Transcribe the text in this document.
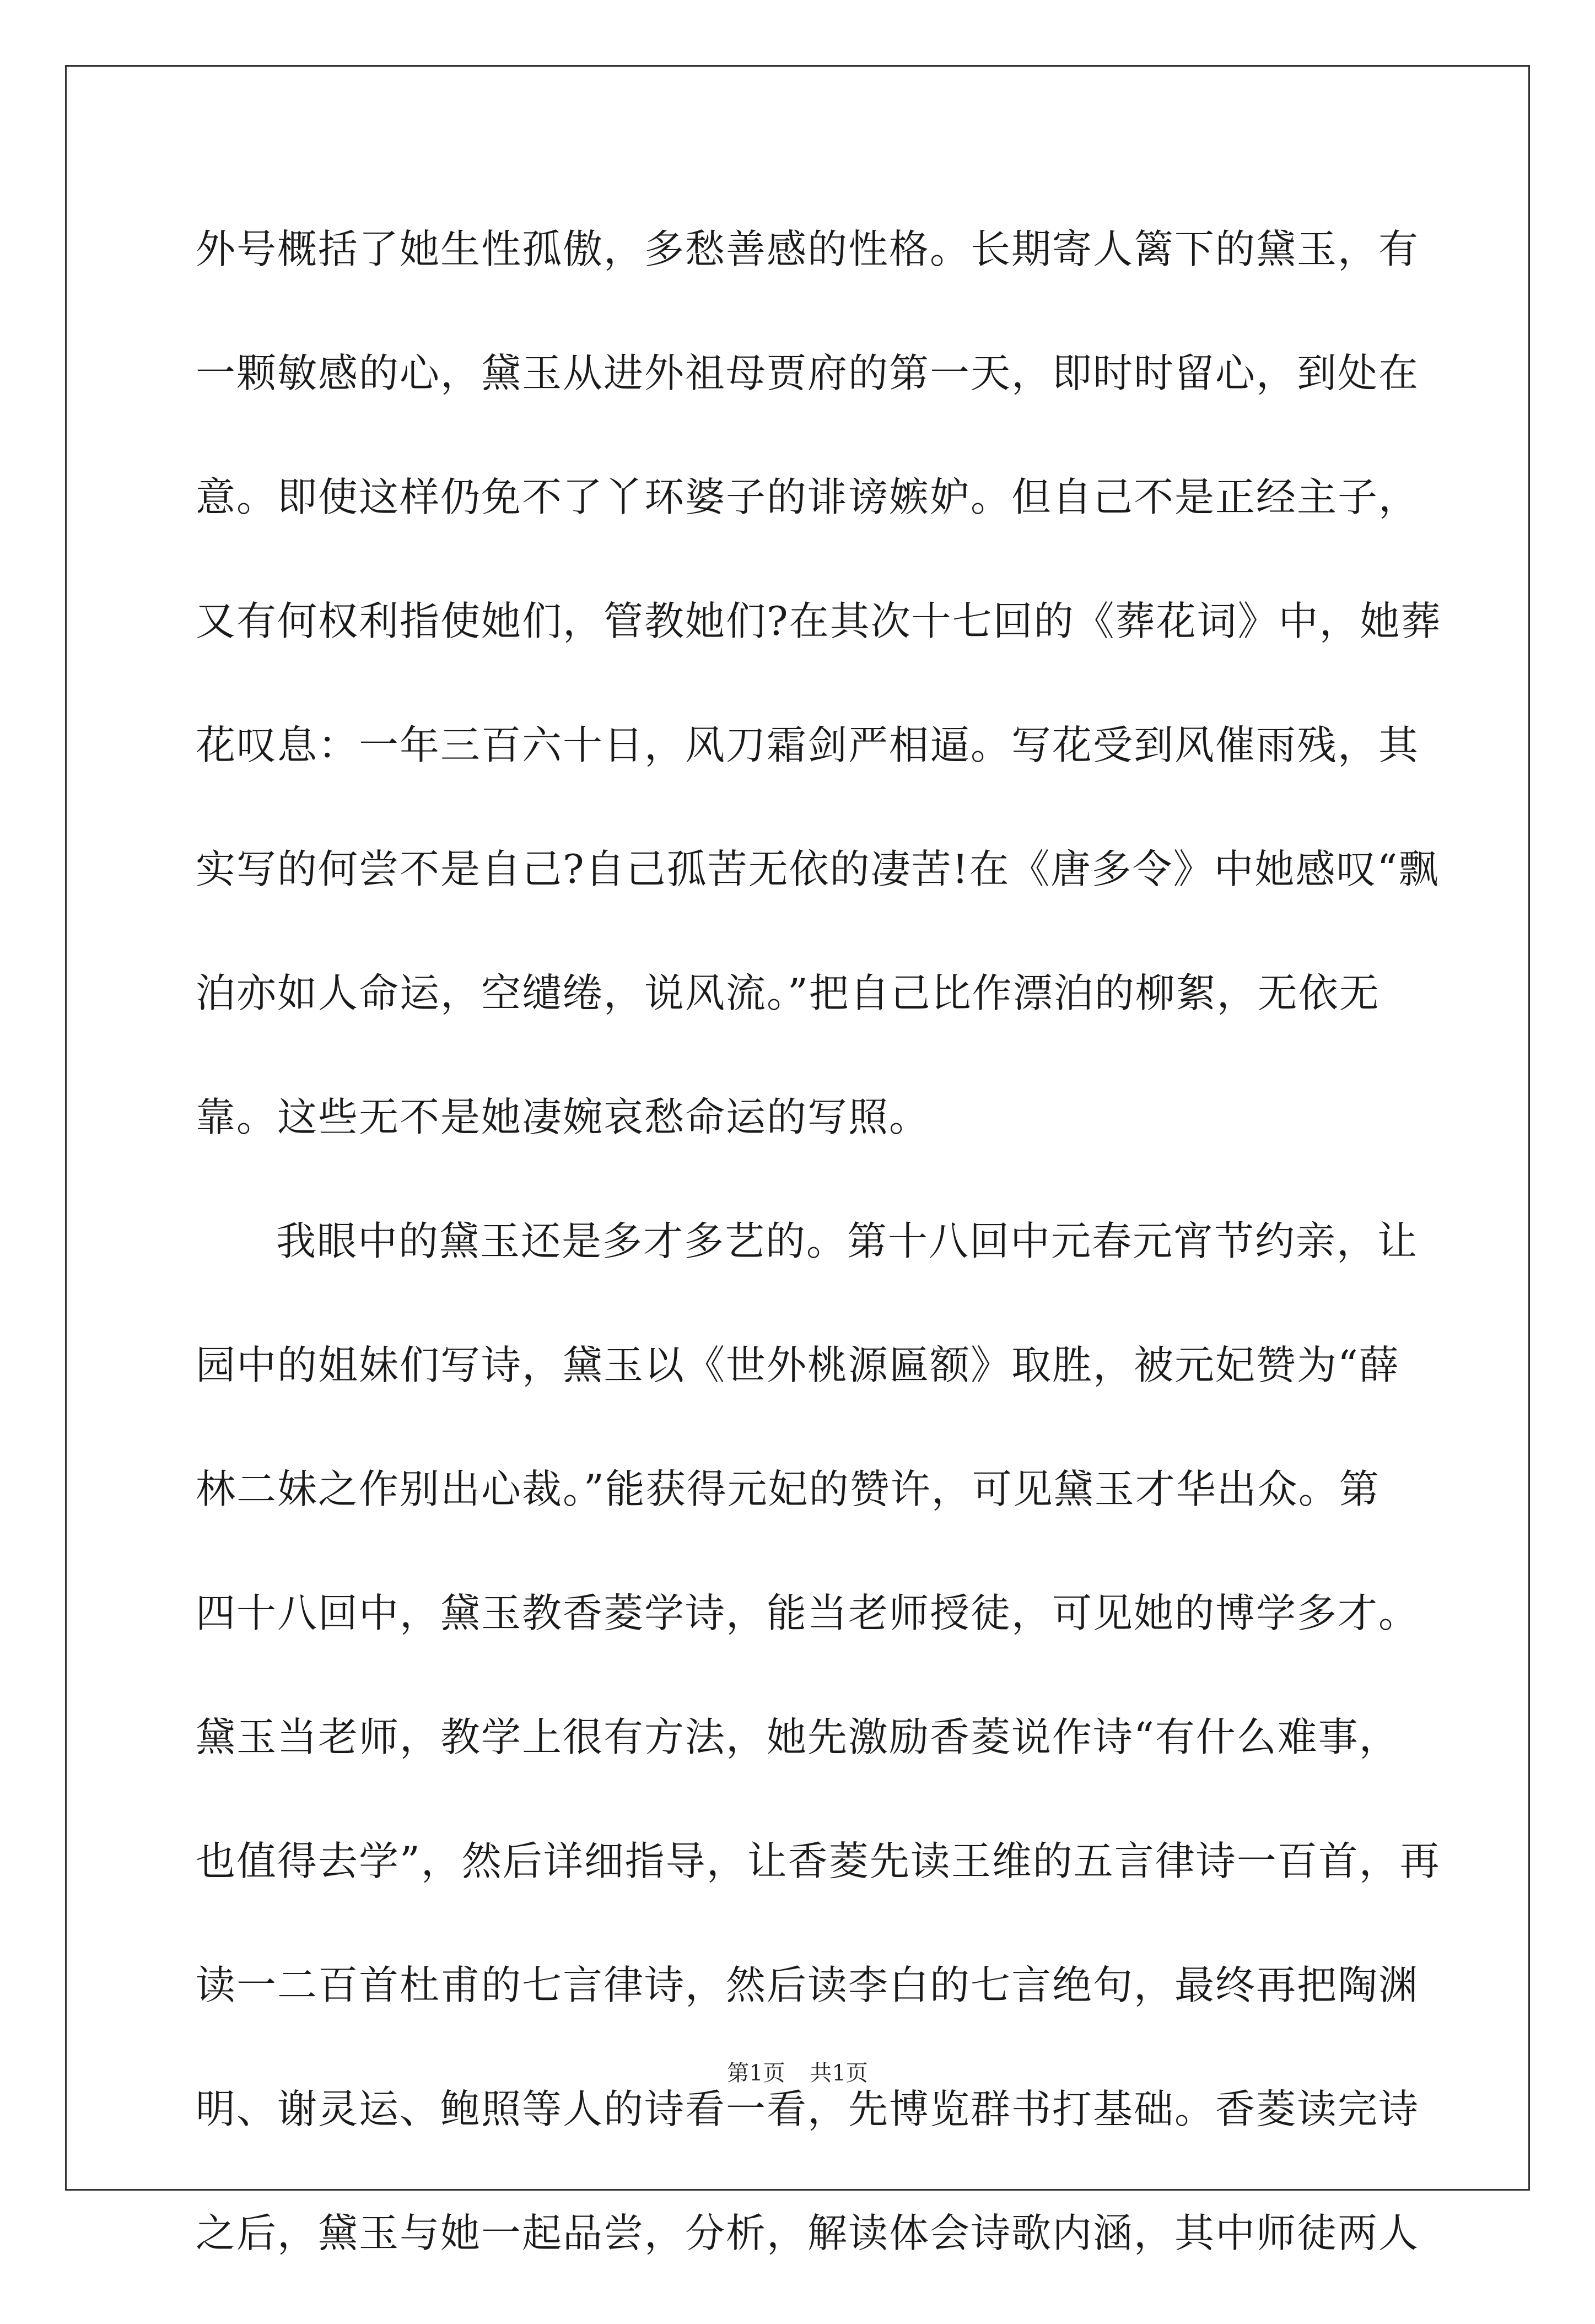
外号概括了她生性孤傲，多愁善感的性格。长期寄人篱下的黛玉，有
一颗敏感的心，黛玉从进外祖母贾府的第一天，即时时留心，到处在
意。即使这样仍免不了丫环婆子的诽谤嫉妒。但自己不是正经主子，
又有何权利指使她们，管教她们?在其次十七回的《葬花词》中，她葬
花叹息：一年三百六十日，风刀霜剑严相逼。写花受到风催雨残，其
实写的何尝不是自己?自己孤苦无依的凄苦!在《唐多令》中她感叹“飘
泊亦如人命运，空缱绻，说风流。”把自己比作漂泊的柳絮，无依无
靠。这些无不是她凄婉哀愁命运的写照。
我眼中的黛玉还是多才多艺的。第十八回中元春元宵节约亲，让
园中的姐妹们写诗，黛玉以《世外桃源匾额》取胜，被元妃赞为“薛
林二妹之作别出心裁。”能获得元妃的赞许，可见黛玉才华出众。第
四十八回中，黛玉教香菱学诗，能当老师授徒，可见她的博学多才。
黛玉当老师，教学上很有方法，她先激励香菱说作诗“有什么难事，
也值得去学”，然后详细指导，让香菱先读王维的五言律诗一百首，再
读一二百首杜甫的七言律诗，然后读李白的七言绝句，最终再把陶渊
明、谢灵运、鲍照等人的诗看一看，先博览群书打基础。香菱读完诗
之后，黛玉与她一起品尝，分析，解读体会诗歌内涵，其中师徒两人
第1页 共1页
